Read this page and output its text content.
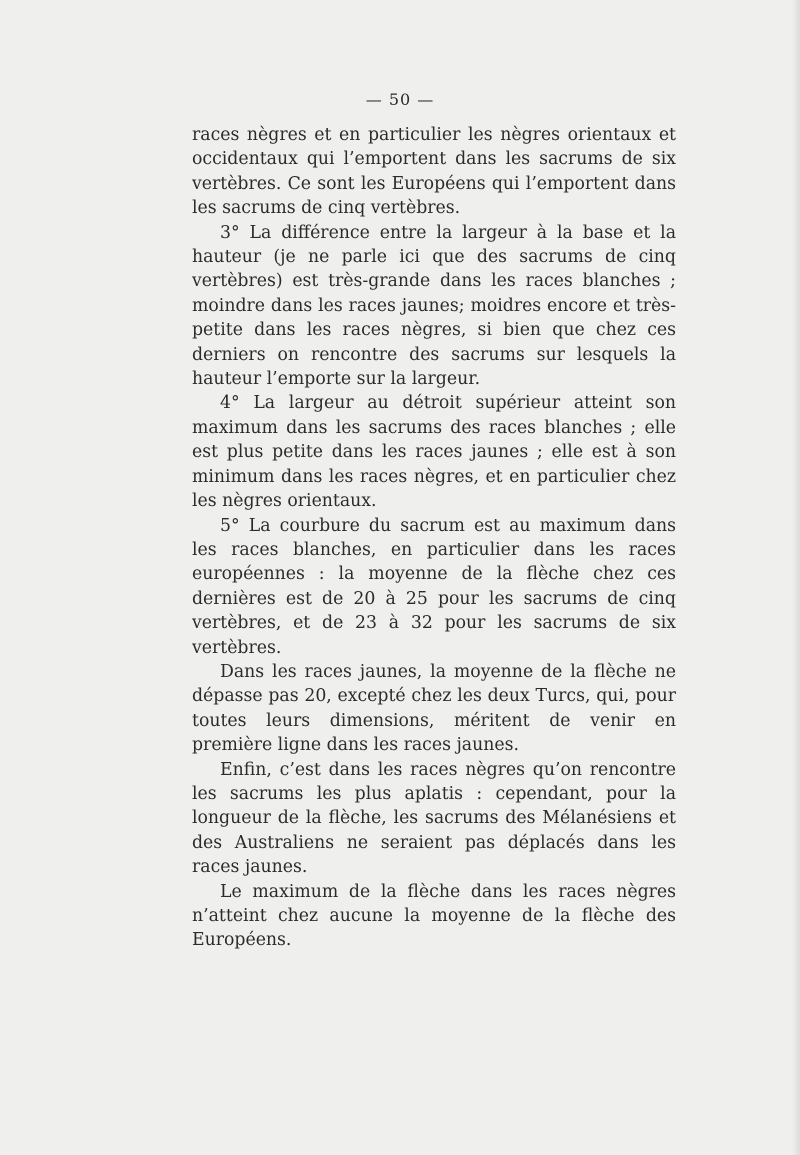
— 50 —

races nègres et en particulier les nègres orientaux et occidentaux qui l’emportent dans les sacrums de six vertèbres. Ce sont les Européens qui l’emportent dans les sacrums de cinq vertèbres.

3° La différence entre la largeur à la base et la hauteur (je ne parle ici que des sacrums de cinq vertèbres) est très-grande dans les races blanches ; moindre dans les races jaunes; moidres encore et très-petite dans les races nègres, si bien que chez ces derniers on rencontre des sacrums sur lesquels la hauteur l’emporte sur la largeur.

4° La largeur au détroit supérieur atteint son maximum dans les sacrums des races blanches ; elle est plus petite dans les races jaunes ; elle est à son minimum dans les races nègres, et en particulier chez les nègres orientaux.

5° La courbure du sacrum est au maximum dans les races blanches, en particulier dans les races européennes : la moyenne de la flèche chez ces dernières est de 20 à 25 pour les sacrums de cinq vertèbres, et de 23 à 32 pour les sacrums de six vertèbres.

Dans les races jaunes, la moyenne de la flèche ne dépasse pas 20, excepté chez les deux Turcs, qui, pour toutes leurs dimensions, méritent de venir en première ligne dans les races jaunes.

Enfin, c’est dans les races nègres qu’on rencontre les sacrums les plus aplatis : cependant, pour la longueur de la flèche, les sacrums des Mélanésiens et des Australiens ne seraient pas déplacés dans les races jaunes.

Le maximum de la flèche dans les races nègres n’atteint chez aucune la moyenne de la flèche des Européens.
